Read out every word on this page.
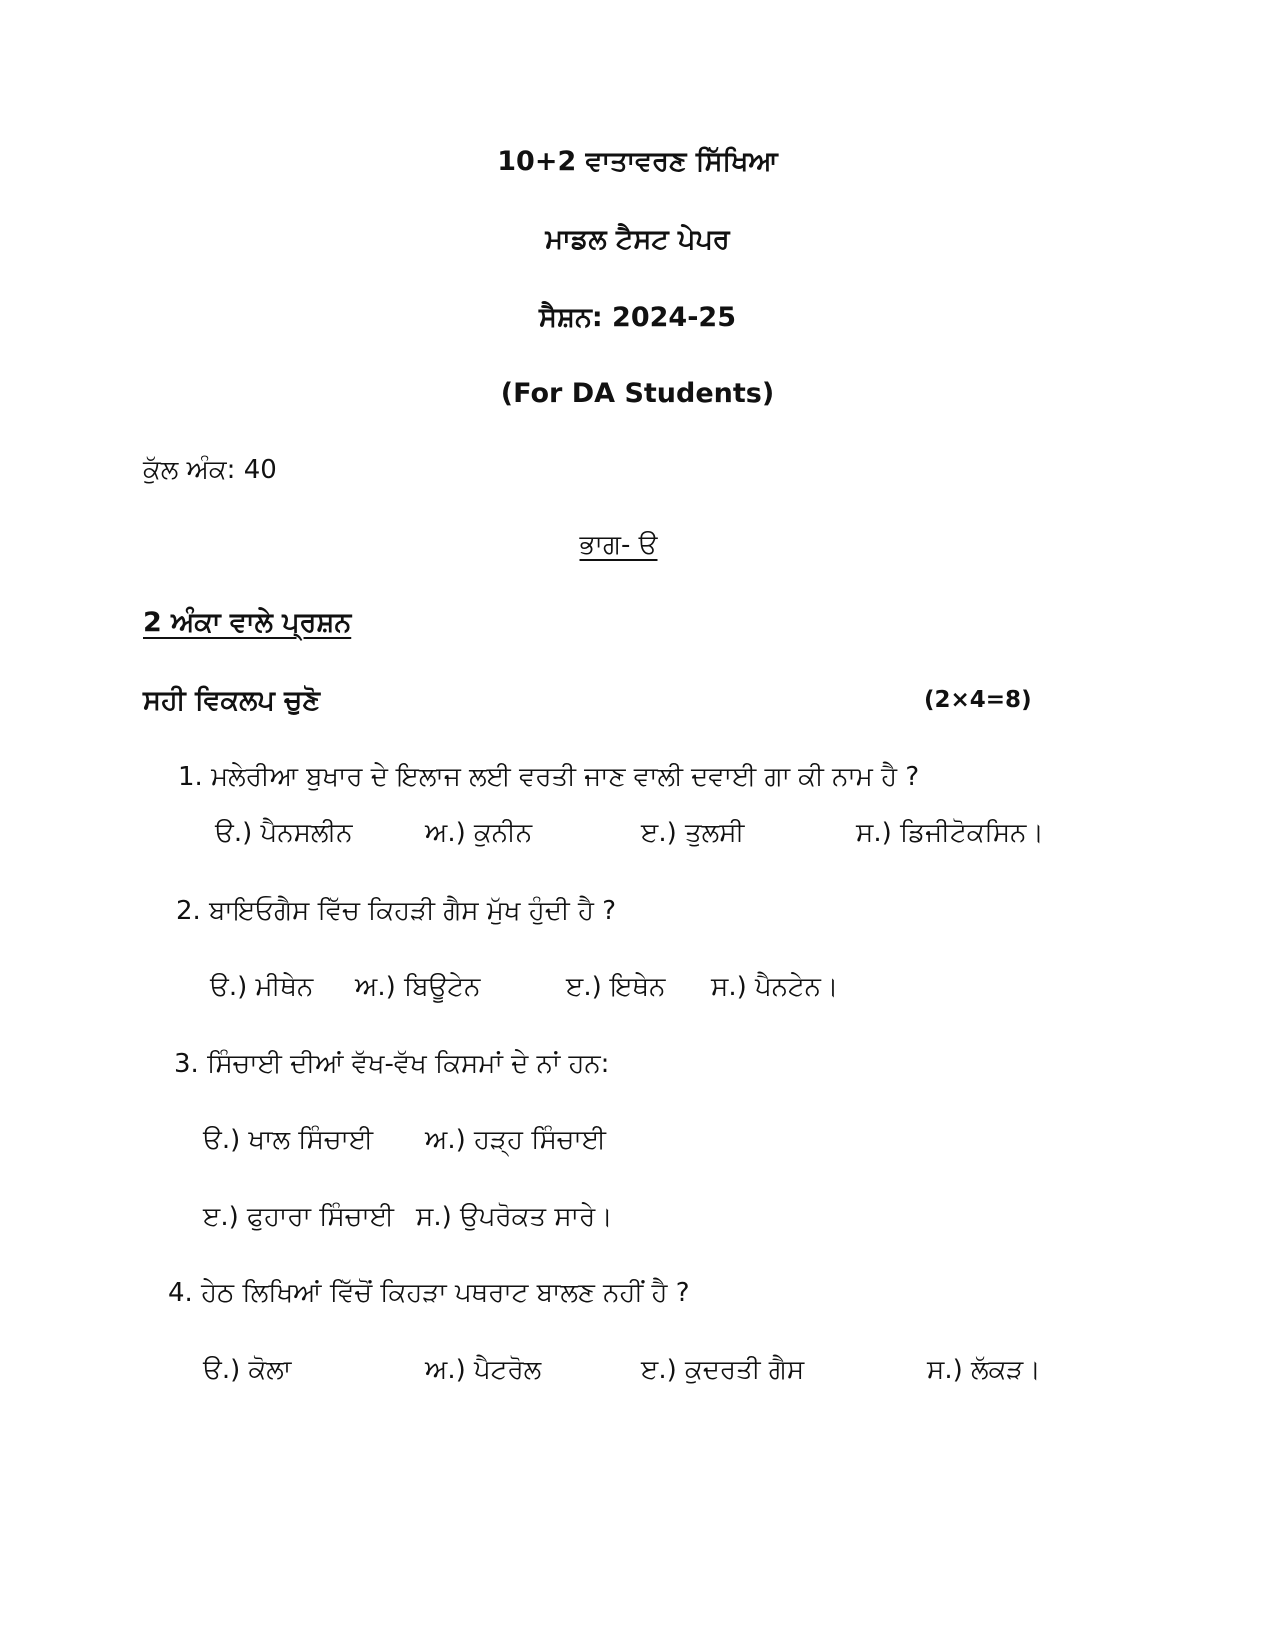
10+2 ਵਾਤਾਵਰਣ ਸਿੱਖਿਆ
ਮਾਡਲ ਟੈਸਟ ਪੇਪਰ
ਸੈਸ਼ਨ: 2024-25
(For DA Students)
ਕੁੱਲ ਅੰਕ: 40
ਭਾਗ- ੳ
2 ਅੰਕਾ ਵਾਲੇ ਪ੍ਰਸ਼ਨ
ਸਹੀ ਵਿਕਲਪ ਚੁਣੋ	(2×4=8)
1. ਮਲੇਰੀਆ ਬੁਖਾਰ ਦੇ ਇਲਾਜ ਲਈ ਵਰਤੀ ਜਾਣ ਵਾਲੀ ਦਵਾਈ ਗਾ ਕੀ ਨਾਮ ਹੈ ?
ੳ.) ਪੈਨਸਲੀਨ	ਅ.) ਕੁਨੀਨ	ੲ.) ਤੁਲਸੀ	ਸ.) ਡਿਜੀਟੋਕਸਿਨ।
2. ਬਾਇਓਗੈਸ ਵਿੱਚ ਕਿਹੜੀ ਗੈਸ ਮੁੱਖ ਹੁੰਦੀ ਹੈ ?
ੳ.) ਮੀਥੇਨ ਅ.) ਬਿਊਟੇਨ	ੲ.) ਇਥੇਨ ਸ.) ਪੈਨਟੇਨ।
3. ਸਿੰਚਾਈ ਦੀਆਂ ਵੱਖ-ਵੱਖ ਕਿਸਮਾਂ ਦੇ ਨਾਂ ਹਨ:
ੳ.) ਖਾਲ ਸਿੰਚਾਈ ਅ.) ਹੜ੍ਹ ਸਿੰਚਾਈ
ੲ.) ਫੁਹਾਰਾ ਸਿੰਚਾਈ ਸ.) ਉਪਰੋਕਤ ਸਾਰੇ।
4. ਹੇਠ ਲਿਖਿਆਂ ਵਿੱਚੋਂ ਕਿਹੜਾ ਪਥਰਾਟ ਬਾਲਣ ਨਹੀਂ ਹੈ ?
ੳ.) ਕੋਲਾ	ਅ.) ਪੈਟਰੋਲ	ੲ.) ਕੁਦਰਤੀ ਗੈਸ	ਸ.) ਲੱਕੜ।
